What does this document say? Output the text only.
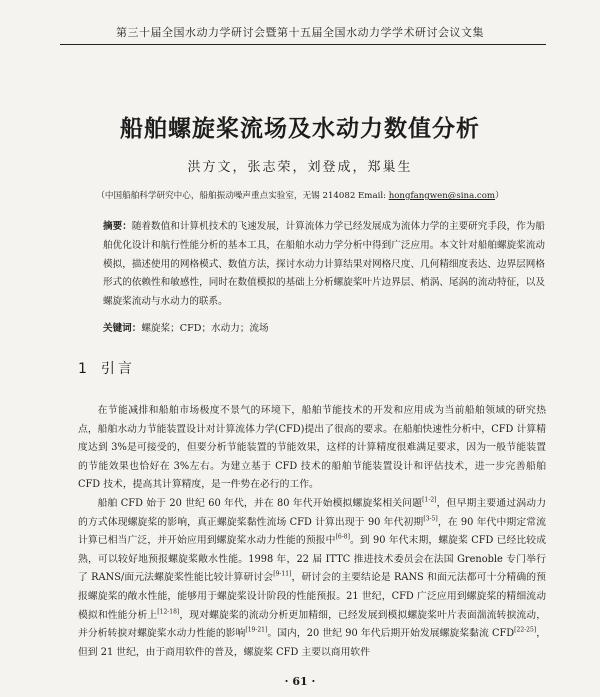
第三十届全国水动力学研讨会暨第十五届全国水动力学学术研讨会议文集
船舶螺旋桨流场及水动力数值分析
洪方文，张志荣，刘登成，郑巢生
（中国船舶科学研究中心，船舶振动噪声重点实验室，无锡 214082 Email: hongfangwen@sina.com）
摘要：随着数值和计算机技术的飞速发展，计算流体力学已经发展成为流体力学的主要研究手段，作为船舶优化设计和航行性能分析的基本工具，在船舶水动力学分析中得到广泛应用。本文针对船舶螺旋桨流动模拟，描述使用的网格模式、数值方法，探讨水动力计算结果对网格尺度、几何精细度表达、边界层网格形式的依赖性和敏感性，同时在数值模拟的基础上分析螺旋桨叶片边界层、梢涡、尾涡的流动特征，以及螺旋桨流动与水动力的联系。
关键词：螺旋桨；CFD；水动力；流场
1 引言

在节能减排和船舶市场极度不景气的环境下，船舶节能技术的开发和应用成为当前船舶领域的研究热点，船舶水动力节能装置设计对计算流体力学(CFD)提出了很高的要求。在船舶快速性分析中，CFD 计算精度达到 3%是可接受的，但要分析节能装置的节能效果，这样的计算精度很难满足要求，因为一般节能装置的节能效果也恰好在 3%左右。为建立基于 CFD 技术的船舶节能装置设计和评估技术，进一步完善船舶 CFD 技术，提高其计算精度，是一件势在必行的工作。

船舶 CFD 始于 20 世纪 60 年代，并在 80 年代开始模拟螺旋桨相关问题[1-2]，但早期主要通过涡动力的方式体现螺旋桨的影响，真正螺旋桨黏性流场 CFD 计算出现于 90 年代初期[3-5]，在 90 年代中期定常流计算已相当广泛，并开始应用到螺旋桨水动力性能的预报中[6-8]。到 90 年代末期，螺旋桨 CFD 已经比较成熟，可以较好地预报螺旋桨敞水性能。1998 年，22 届 ITTC 推进技术委员会在法国 Grenoble 专门举行了 RANS/面元法螺旋桨性能比较计算研讨会[9-11]，研讨会的主要结论是 RANS 和面元法都可十分精确的预报螺旋桨的敞水性能，能够用于螺旋桨设计阶段的性能预报。21 世纪，CFD 广泛应用到螺旋桨的精细流动模拟和性能分析上[12-18]，现对螺旋桨的流动分析更加精细，已经发展到模拟螺旋桨叶片表面湍流转捩流动，并分析转捩对螺旋桨水动力性能的影响[19-21]。国内，20 世纪 90 年代后期开始发展螺旋桨黏流 CFD[22-25]，但到 21 世纪，由于商用软件的普及，螺旋桨 CFD 主要以商用软件

· 61 ·
